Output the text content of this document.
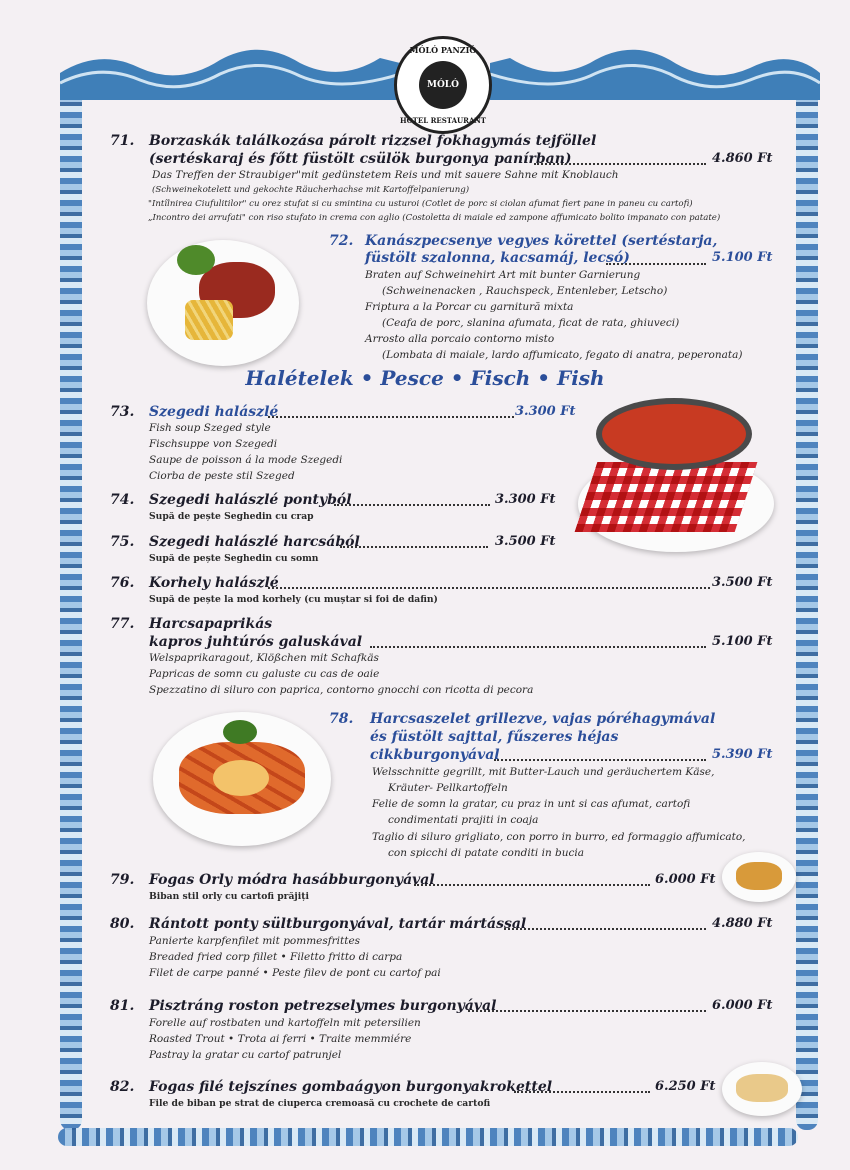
MÓLÓ PANZIÓ
MÓLÓ
HOTEL RESTAURANT
71. Borzaskák találkozása párolt rizzsel fokhagymás tejföllel
(sertéskaraj és főtt füstölt csülök burgonya panírban)	4.860 Ft
Das Treffen der Straubiger"mit gedünstetem Reis und mit sauere Sahne mit Knoblauch
(Schweinekotelett und gekochte Räucherhachse mit Kartoffelpanierung)
"Intîlnirea Ciufulitilor" cu orez stufat si cu smintina cu usturoi (Cotlet de porc si ciolan afumat fiert pane in paneu cu cartofi)
„Incontro dei arrufati" con riso stufato in crema con aglio (Costoletta di maiale ed zampone affumicato bolito impanato con patate)
72. Kanászpecsenye vegyes körettel (sertéstarja,
füstölt szalonna, kacsamáj, lecsó)	5.100 Ft
Braten auf Schweinehirt Art mit bunter Garnierung
(Schweinenacken , Rauchspeck, Entenleber, Letscho)
Friptura a la Porcar cu garnitură mixta
(Ceafa de porc, slanina afumata, ficat de rata, ghiuveci)
Arrosto alla porcaio contorno misto
(Lombata di maiale, lardo affumicato, fegato di anatra, peperonata)
Halételek • Pesce • Fisch • Fish
73. Szegedi halászlé	3.300 Ft
Fish soup Szeged style
Fischsuppe von Szegedi
Saupe de poisson á la mode Szegedi
Ciorba de peste stil Szeged
74. Szegedi halászlé pontyból	3.300 Ft
Supă de pește Seghedin cu crap
75. Szegedi halászlé harcsából	3.500 Ft
Supă de pește Seghedin cu somn
76. Korhely halászlé	3.500 Ft
Supă de pește la mod korhely (cu muștar si foi de dafin)
77. Harcsapaprikás
kapros juhtúrós galuskával	5.100 Ft
Welspaprikaragout, Klößchen mit Schafkäs
Papricas de somn cu galuste cu cas de oaie
Spezzatino di siluro con paprica, contorno gnocchi con ricotta di pecora
78. Harcsaszelet grillezve, vajas póréhagymával
és füstölt sajttal, fűszeres héjas
cikkburgonyával	5.390 Ft
Welsschnitte gegrillt, mit Butter-Lauch und geräuchertem Käse,
Kräuter- Pellkartoffeln
Felie de somn la gratar, cu praz in unt si cas afumat, cartofi
condimentati prajiti in coaja
Taglio di siluro grigliato, con porro in burro, ed formaggio affumicato,
con spicchi di patate conditi in bucia
79. Fogas Orly módra hasábburgonyával	6.000 Ft
Biban stil orly cu cartofi prăjiți
80. Rántott ponty sültburgonyával, tartár mártással	4.880 Ft
Panierte karpfenfilet mit pommesfrittes
Breaded fried corp fillet • Filetto fritto di carpa
Filet de carpe panné • Peste filev de pont cu cartof pai
81. Pisztráng roston petrezselymes burgonyával	6.000 Ft
Forelle auf rostbaten und kartoffeln mit petersilien
Roasted Trout • Trota ai ferri • Traite memmiére
Pastray la gratar cu cartof patrunjel
82. Fogas filé tejszínes gombaágyon burgonyakrokettel	6.250 Ft
File de biban pe strat de ciuperca cremoasă cu crochete de cartofi
